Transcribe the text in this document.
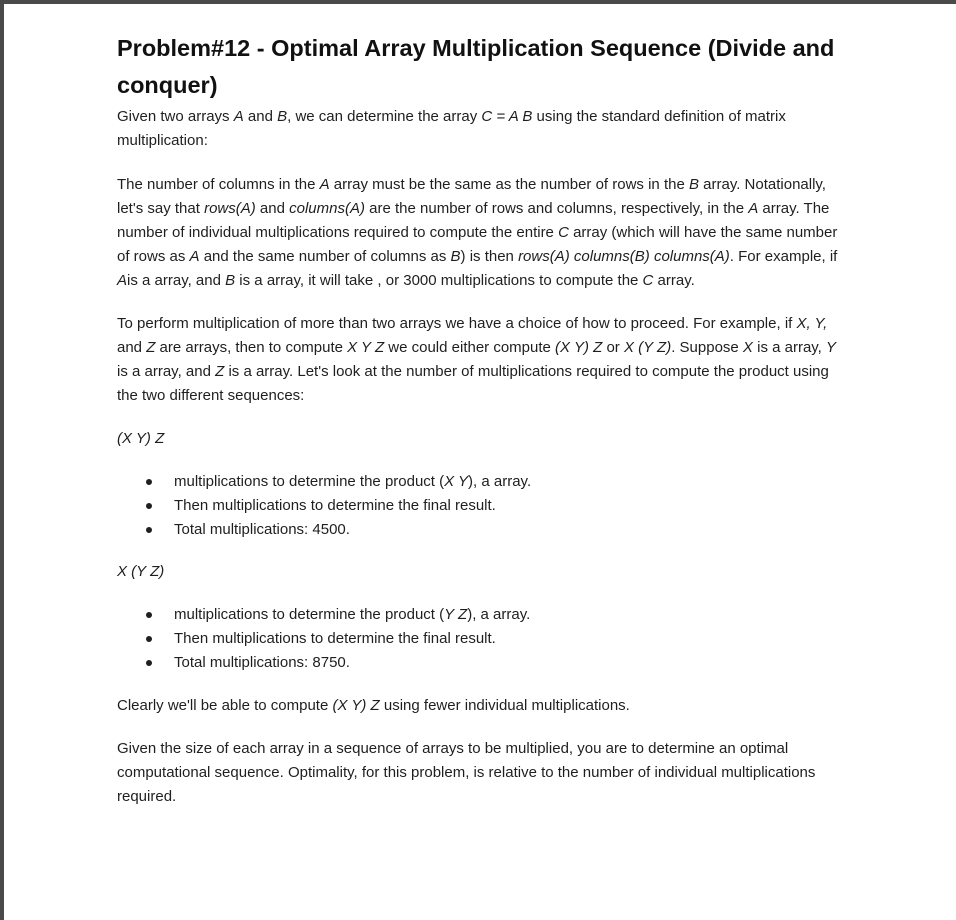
Problem#12 - Optimal Array Multiplication Sequence (Divide and conquer)

Given two arrays A and B, we can determine the array C = A B using the standard definition of matrix multiplication:

The number of columns in the A array must be the same as the number of rows in the B array. Notationally, let's say that rows(A) and columns(A) are the number of rows and columns, respectively, in the A array. The number of individual multiplications required to compute the entire C array (which will have the same number of rows as A and the same number of columns as B) is then rows(A) columns(B) columns(A). For example, if Ais a array, and B is a array, it will take , or 3000 multiplications to compute the C array.

To perform multiplication of more than two arrays we have a choice of how to proceed. For example, if X, Y, and Z are arrays, then to compute X Y Z we could either compute (X Y) Z or X (Y Z). Suppose X is a array, Y is a array, and Z is a array. Let's look at the number of multiplications required to compute the product using the two different sequences:

(X Y) Z

multiplications to determine the product (X Y), a array.
Then multiplications to determine the final result.
Total multiplications: 4500.

X (Y Z)

multiplications to determine the product (Y Z), a array.
Then multiplications to determine the final result.
Total multiplications: 8750.

Clearly we'll be able to compute (X Y) Z using fewer individual multiplications.

Given the size of each array in a sequence of arrays to be multiplied, you are to determine an optimal computational sequence. Optimality, for this problem, is relative to the number of individual multiplications required.
